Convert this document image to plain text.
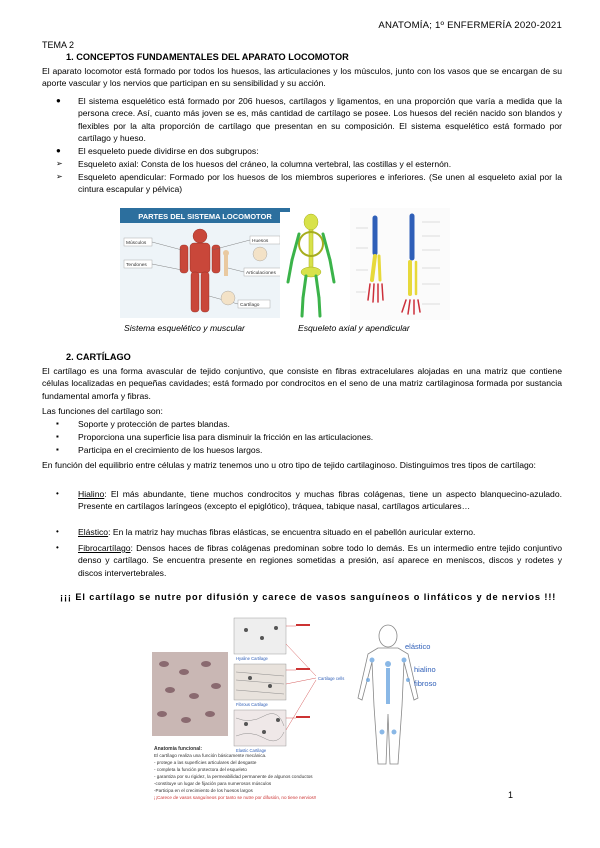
ANATOMÍA; 1º ENFERMERÍA 2020-2021
TEMA 2
1. CONCEPTOS FUNDAMENTALES DEL APARATO LOCOMOTOR
El aparato locomotor está formado por todos los huesos, las articulaciones y los músculos, junto con los vasos que se encargan de su aporte vascular y los nervios que participan en su sensibilidad y su acción.
● El sistema esquelético está formado por 206 huesos, cartílagos y ligamentos, en una proporción que varía a medida que la persona crece. Así, cuanto más joven se es, más cantidad de cartílago se posee. Los huesos del recién nacido son blandos y flexibles por la alta proporción de cartílago que presentan en su composición. El sistema esquelético está formado por cartílago y hueso.
● El esqueleto puede dividirse en dos subgrupos:
➢ Esqueleto axial: Consta de los huesos del cráneo, la columna vertebral, las costillas y el esternón.
➢ Esqueleto apendicular: Formado por los huesos de los miembros superiores e inferiores. (Se unen al esqueleto axial por la cintura escapular y pélvica)
PARTES DEL SISTEMA LOCOMOTOR
Músculos
Tendones
Huesos
Articulaciones
Cartílago
Sistema esquelético y muscular	Esqueleto axial y apendicular
2. CARTÍLAGO
El cartílago es una forma avascular de tejido conjuntivo, que consiste en fibras extracelulares alojadas en una matriz que contiene células localizadas en pequeñas cavidades; está formado por condrocitos en el seno de una matriz cartilaginosa formada por sustancia fundamental amorfa y fibras.
Las funciones del cartílago son:
▪ Soporte y protección de partes blandas.
▪ Proporciona una superficie lisa para disminuir la fricción en las articulaciones.
▪ Participa en el crecimiento de los huesos largos.
En función del equilibrio entre células y matriz tenemos uno u otro tipo de tejido cartilaginoso. Distinguimos tres tipos de cartílago:
• Hialino: El más abundante, tiene muchos condrocitos y muchas fibras colágenas, tiene un aspecto blanquecino-azulado. Presente en cartílagos laríngeos (excepto el epiglótico), tráquea, tabique nasal, cartílagos articulares…
• Elástico: En la matriz hay muchas fibras elásticas, se encuentra situado en el pabellón auricular externo.
• Fibrocartílago: Densos haces de fibras colágenas predominan sobre todo lo demás. Es un intermedio entre tejido conjuntivo denso y cartílago. Se encuentra presente en regiones sometidas a presión, así aparece en meniscos, discos y rodetes y discos intervertebrales.
¡¡¡ El cartílago se nutre por difusión y carece de vasos sanguíneos o linfáticos y de nervios !!!
Hyaline Cartilage
Fibrous Cartilage
Elastic Cartilage
Cartilage cells
elástico
hialino
fibroso
Anatomía funcional:
El cartílago realiza una función básicamente mecánica.
- protege a las superficies articulares del desgaste
- completa la función protectora del esqueleto
- garantiza por su rigidez, la permeabilidad permanente de algunos conductos
-constituye un lugar de fijación para numerosos músculos
-Participa en el crecimiento de los huesos largos
¡¡Carece de vasos sanguíneos por tanto se nutre por difusión, no tiene nervios!!	1
